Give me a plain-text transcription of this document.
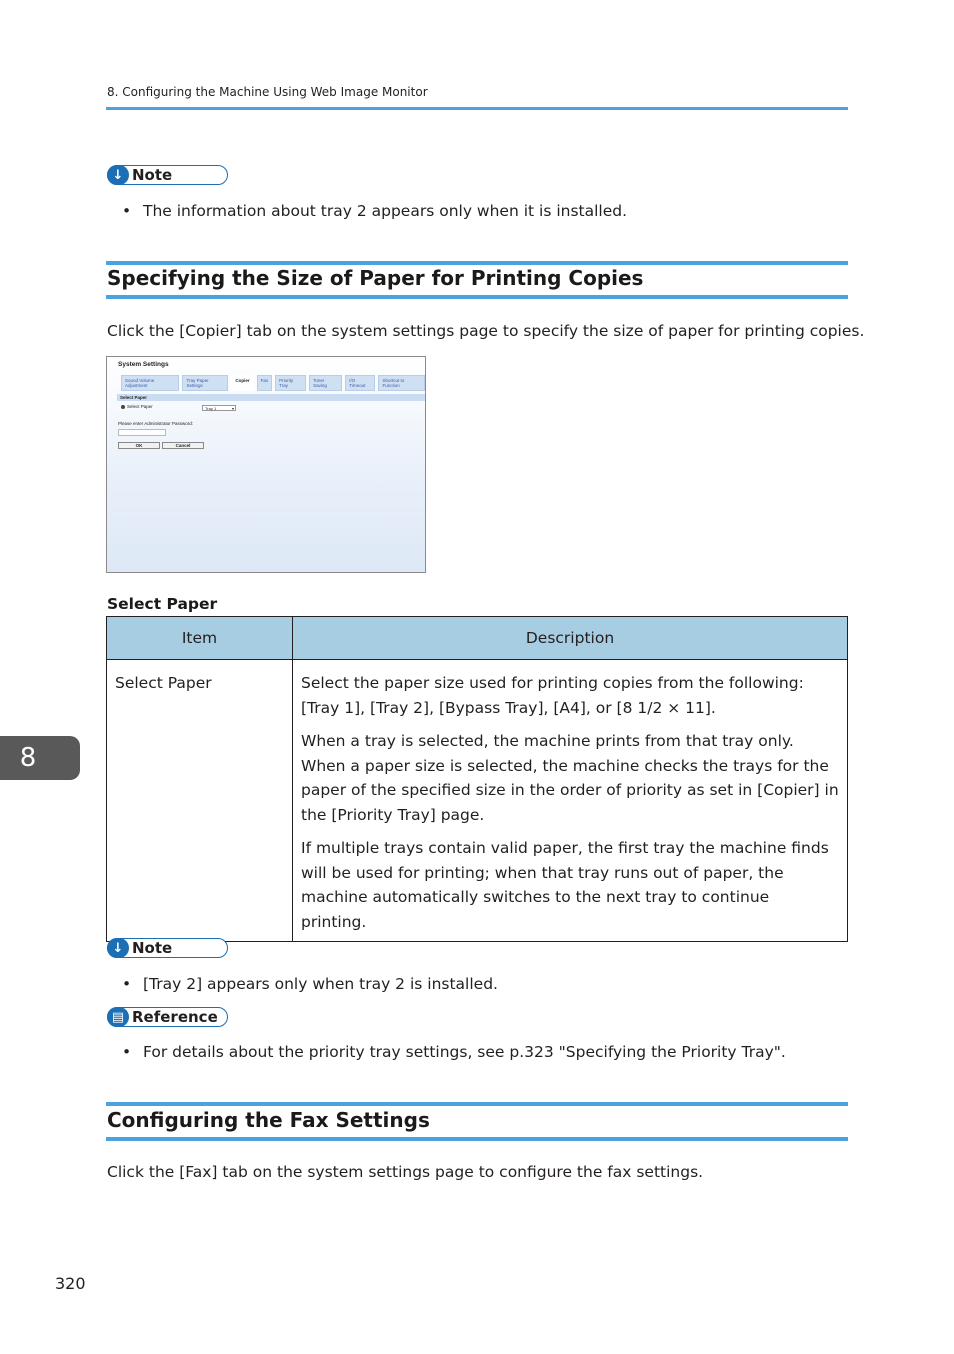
8. Configuring the Machine Using Web Image Monitor
↓ Note
• The information about tray 2 appears only when it is installed.
Specifying the Size of Paper for Printing Copies
Click the [Copier] tab on the system settings page to specify the size of paper for printing copies.
System Settings
Sound Volume Adjustment
Tray Paper Settings
Copier	Fax	Priority Tray
Toner Saving
I/O Timeout
Shortcut to Function
Select Paper
Select Paper	Tray 1	▾
Please enter Administrator Password:
OK	Cancel
Select Paper
Item	Description
Select Paper	Select the paper size used for printing copies from the following: [Tray 1], [Tray 2], [Bypass Tray], [A4], or [8 1/2 × 11].

When a tray is selected, the machine prints from that tray only. When a paper size is selected, the machine checks the trays for the paper of the specified size in the order of priority as set in [Copier] in the [Priority Tray] page.

If multiple trays contain valid paper, the first tray the machine finds will be used for printing; when that tray runs out of paper, the machine automatically switches to the next tray to continue printing.

8
↓ Note
• [Tray 2] appears only when tray 2 is installed.
▤ Reference
• For details about the priority tray settings, see p.323 "Specifying the Priority Tray".
Configuring the Fax Settings
Click the [Fax] tab on the system settings page to configure the fax settings.
320
